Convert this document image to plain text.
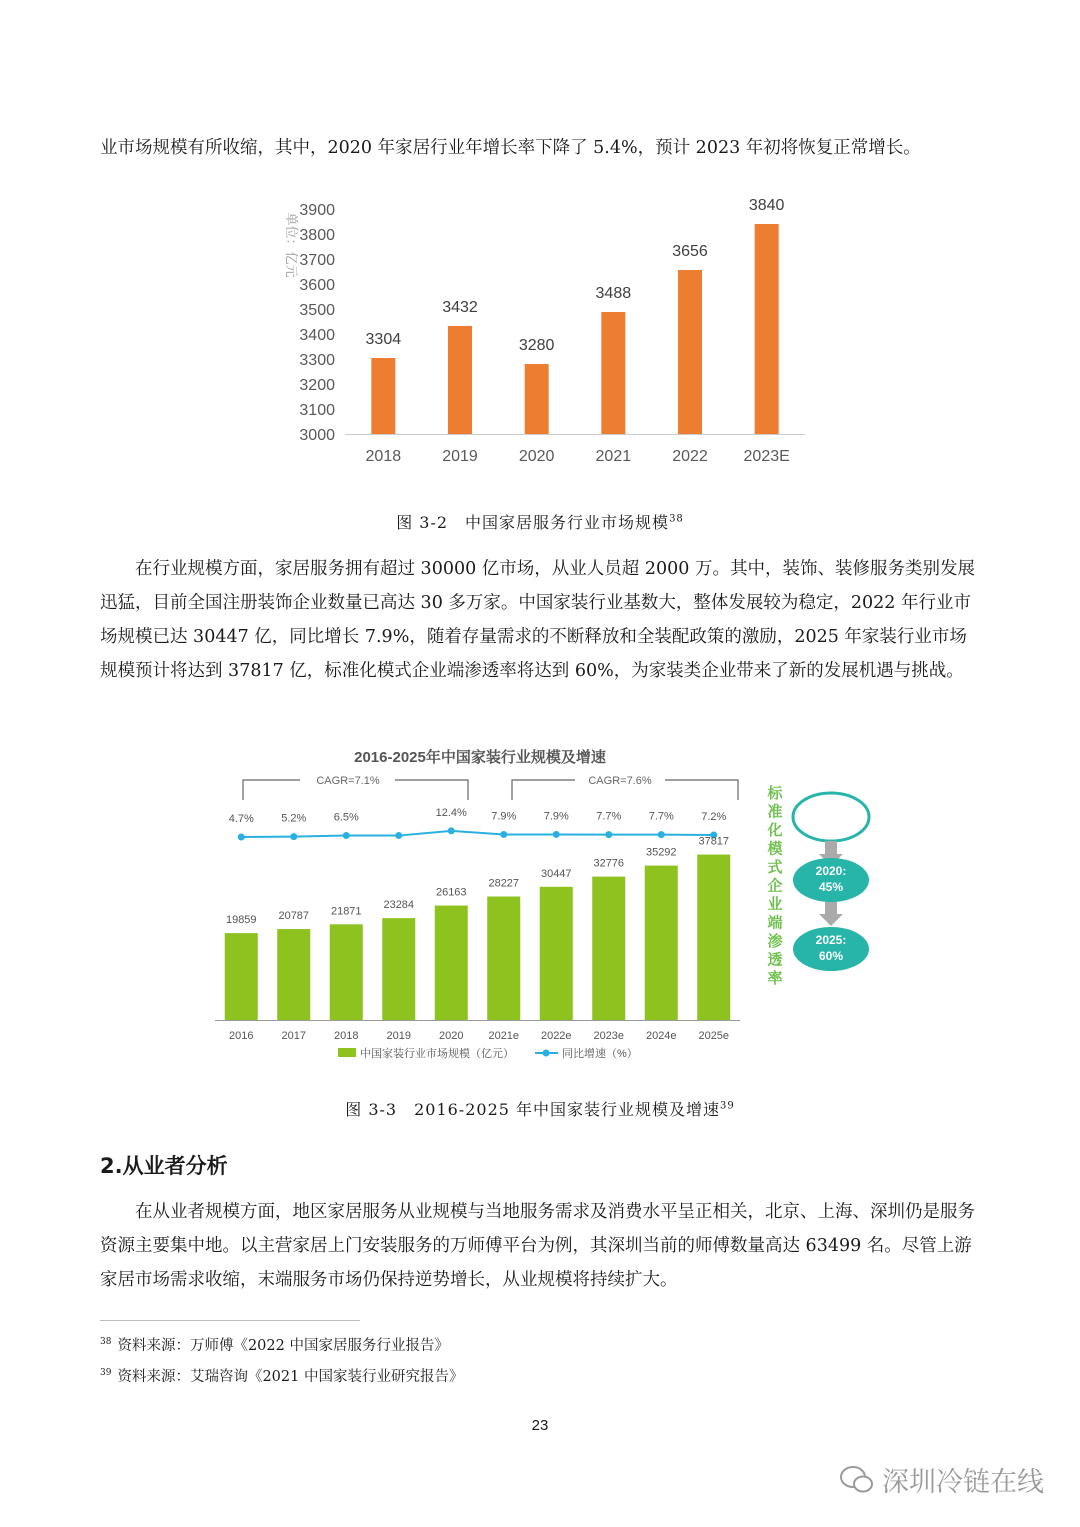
业市场规模有所收缩，其中，2020 年家居行业年增长率下降了 5.4%，预计 2023 年初将恢复正常增长。

单位：亿元
3000
3100
3200
3300
3400
3500
3600
3700
3800
3900
3304
3432
3280
3488
3656
3840
2018	2019	2020	2021	2022 2023E
图 3-2　中国家居服务行业市场规模$^{38}$

在行业规模方面，家居服务拥有超过 30000 亿市场，从业人员超 2000 万。其中，装饰、装修服务类别发展迅猛，目前全国注册装饰企业数量已高达 30 多万家。中国家装行业基数大，整体发展较为稳定，2022 年行业市场规模已达 30447 亿，同比增长 7.9%，随着存量需求的不断释放和全装配政策的激励，2025 年家装行业市场规模预计将达到 37817 亿，标准化模式企业端渗透率将达到 60%，为家装类企业带来了新的发展机遇与挑战。

2016-2025年中国家装行业规模及增速
CAGR=7.1%	CAGR=7.6%
4.7% 5.2% 6.5%	12.4% 7.9% 7.9% 7.7% 7.7% 7.2%
19859 20787 21871
23284
26163
28227
30447
32776
35292
37817
2016	2017	2018	2019	2020 2021e 2022e 2023e 2024e 2025e
中国家装行业市场规模（亿元）	同比增速（%）
标
准
化
模
式
企
业
端
渗
透
率
2020:
45%
2025:
60%
图 3-3　2016-2025 年中国家装行业规模及增速$^{39}$
2.从业者分析

在从业者规模方面，地区家居服务从业规模与当地服务需求及消费水平呈正相关，北京、上海、深圳仍是服务资源主要集中地。以主营家居上门安装服务的万师傅平台为例，其深圳当前的师傅数量高达 63499 名。尽管上游家居市场需求收缩，末端服务市场仍保持逆势增长，从业规模将持续扩大。

$^{38}$ 资料来源：万师傅《2022 中国家居服务行业报告》
$^{39}$ 资料来源：艾瑞咨询《2021 中国家装行业研究报告》
23
深圳冷链在线
